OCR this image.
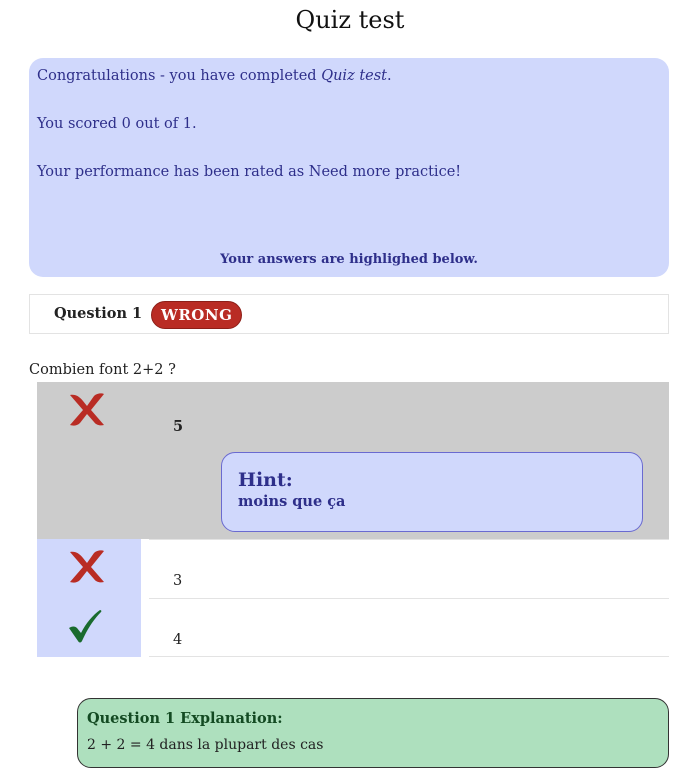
Quiz test

Congratulations - you have completed Quiz test.

You scored 0 out of 1.

Your performance has been rated as Need more practice!

Your answers are highlighed below.
Question 1	WRONG
Combien font 2+2 ?
5

Hint:

moins que ça

3
4

Question 1 Explanation:

2 + 2 = 4 dans la plupart des cas
